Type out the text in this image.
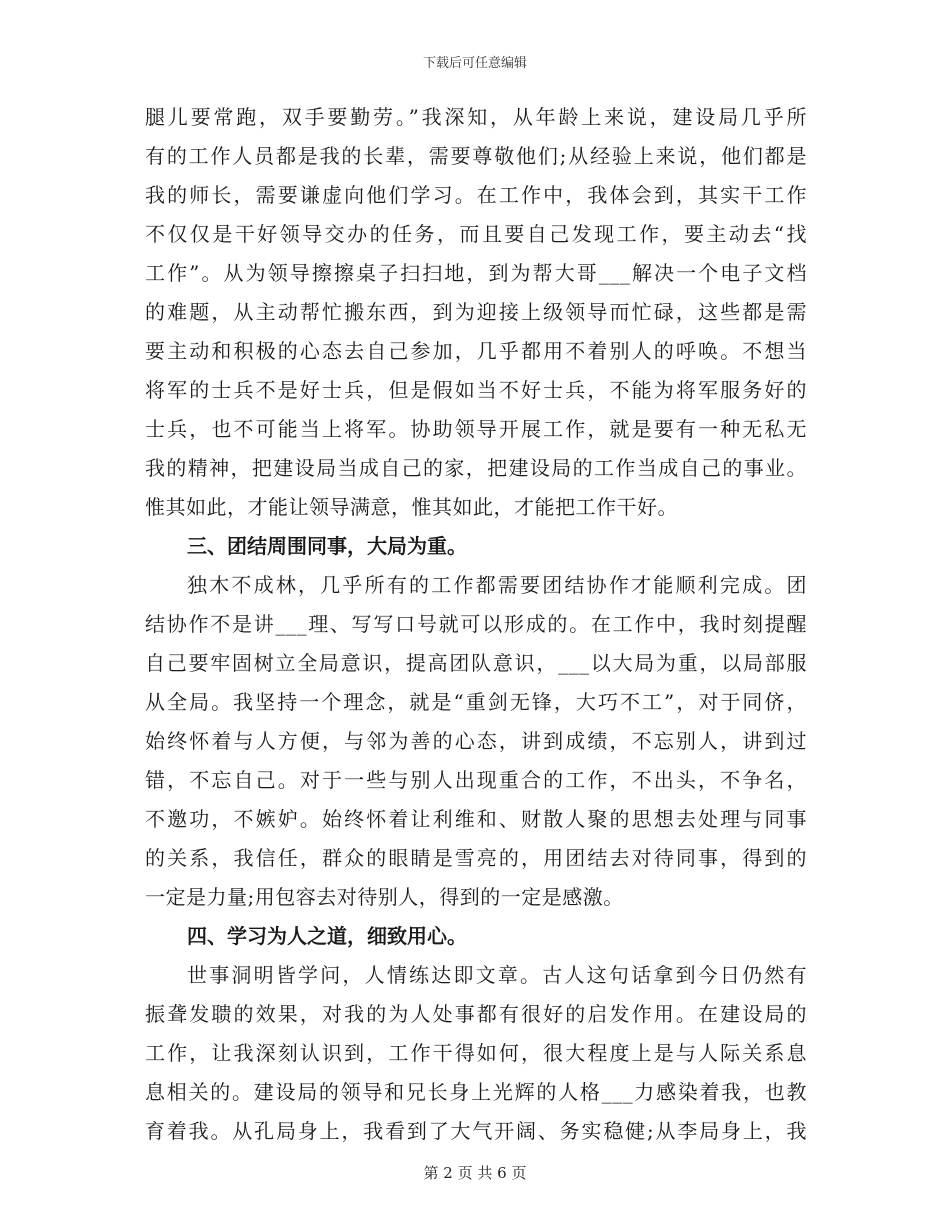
下载后可任意编辑
腿儿要常跑，双手要勤劳。”我深知，从年龄上来说，建设局几乎所
有的工作人员都是我的长辈，需要尊敬他们;从经验上来说，他们都是
我的师长，需要谦虚向他们学习。在工作中，我体会到，其实干工作
不仅仅是干好领导交办的任务，而且要自己发现工作，要主动去“找
工作”。从为领导擦擦桌子扫扫地，到为帮大哥___解决一个电子文档
的难题，从主动帮忙搬东西，到为迎接上级领导而忙碌，这些都是需
要主动和积极的心态去自己参加，几乎都用不着别人的呼唤。不想当
将军的士兵不是好士兵，但是假如当不好士兵，不能为将军服务好的
士兵，也不可能当上将军。协助领导开展工作，就是要有一种无私无
我的精神，把建设局当成自己的家，把建设局的工作当成自己的事业。
惟其如此，才能让领导满意，惟其如此，才能把工作干好。
三、团结周围同事，大局为重。
独木不成林，几乎所有的工作都需要团结协作才能顺利完成。团
结协作不是讲___理、写写口号就可以形成的。在工作中，我时刻提醒
自己要牢固树立全局意识，提高团队意识，___以大局为重，以局部服
从全局。我坚持一个理念，就是“重剑无锋，大巧不工”，对于同侪，
始终怀着与人方便，与邻为善的心态，讲到成绩，不忘别人，讲到过
错，不忘自己。对于一些与别人出现重合的工作，不出头，不争名，
不邀功，不嫉妒。始终怀着让利维和、财散人聚的思想去处理与同事
的关系，我信任，群众的眼睛是雪亮的，用团结去对待同事，得到的
一定是力量;用包容去对待别人，得到的一定是感激。
四、学习为人之道，细致用心。
世事洞明皆学问，人情练达即文章。古人这句话拿到今日仍然有
振聋发聩的效果，对我的为人处事都有很好的启发作用。在建设局的
工作，让我深刻认识到，工作干得如何，很大程度上是与人际关系息
息相关的。建设局的领导和兄长身上光辉的人格___力感染着我，也教
育着我。从孔局身上，我看到了大气开阔、务实稳健;从李局身上，我
第 2 页 共 6 页
